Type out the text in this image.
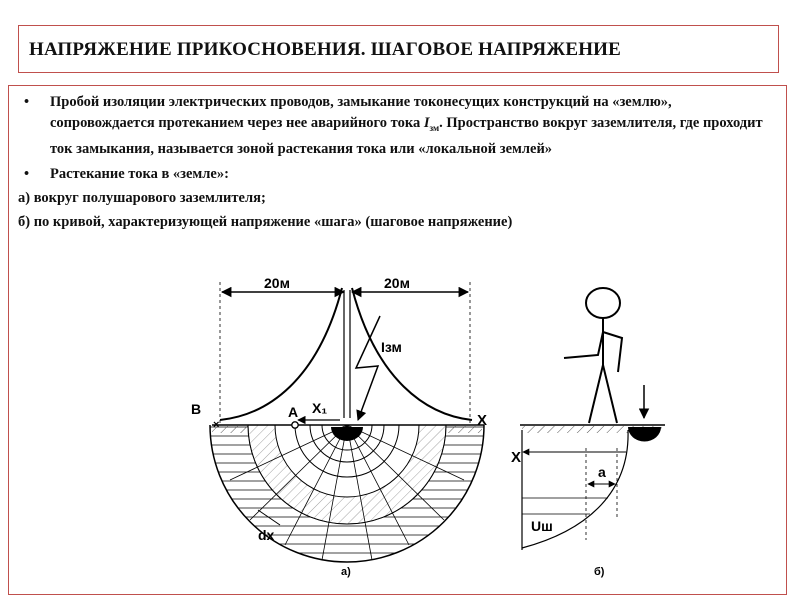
НАПРЯЖЕНИЕ ПРИКОСНОВЕНИЯ. ШАГОВОЕ НАПРЯЖЕНИЕ
• Пробой изоляции электрических проводов, замыкание токонесущих конструкций на «землю», сопровождается протеканием через нее аварийного тока $I_{зм}$. Пространство вокруг заземлителя, где проходит ток замыкания, называется зоной растекания тока или «локальной землей»
• Растекание тока в «земле»:
а) вокруг полушарового заземлителя;
б) по кривой, характеризующей напряжение «шага» (шаговое напряжение)
20м	20м
Iзм
B
×
A X₁
X
dx
а)
X
a
Uш
б)
